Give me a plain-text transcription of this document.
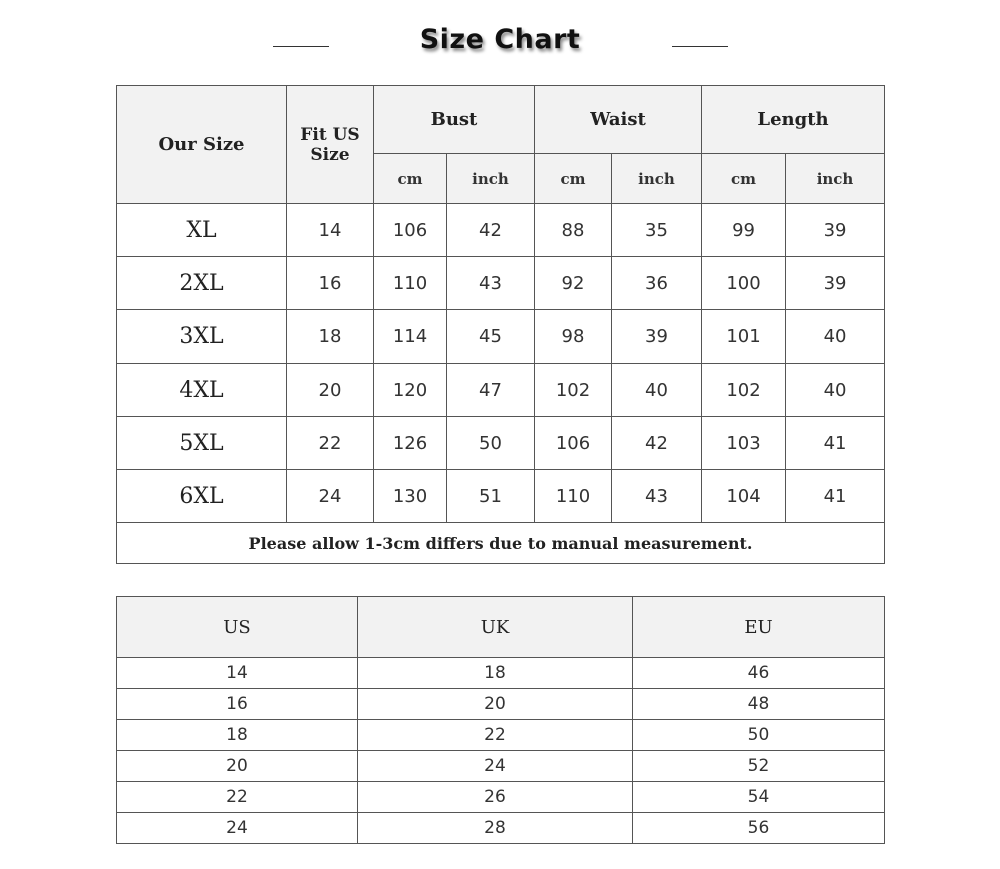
Size Chart
Our Size	Fit US Size	Bust		Waist		Length	
		cm	inch	cm	inch	cm	inch
XL	14	106	42	88	35	99	39
2XL	16	110	43	92	36	100	39
3XL	18	114	45	98	39	101	40
4XL	20	120	47	102	40	102	40
5XL	22	126	50	106	42	103	41
6XL	24	130	51	110	43	104	41
Please allow 1-3cm differs due to manual measurement.							
US	UK	EU
14	18	46
16	20	48
18	22	50
20	24	52
22	26	54
24	28	56
